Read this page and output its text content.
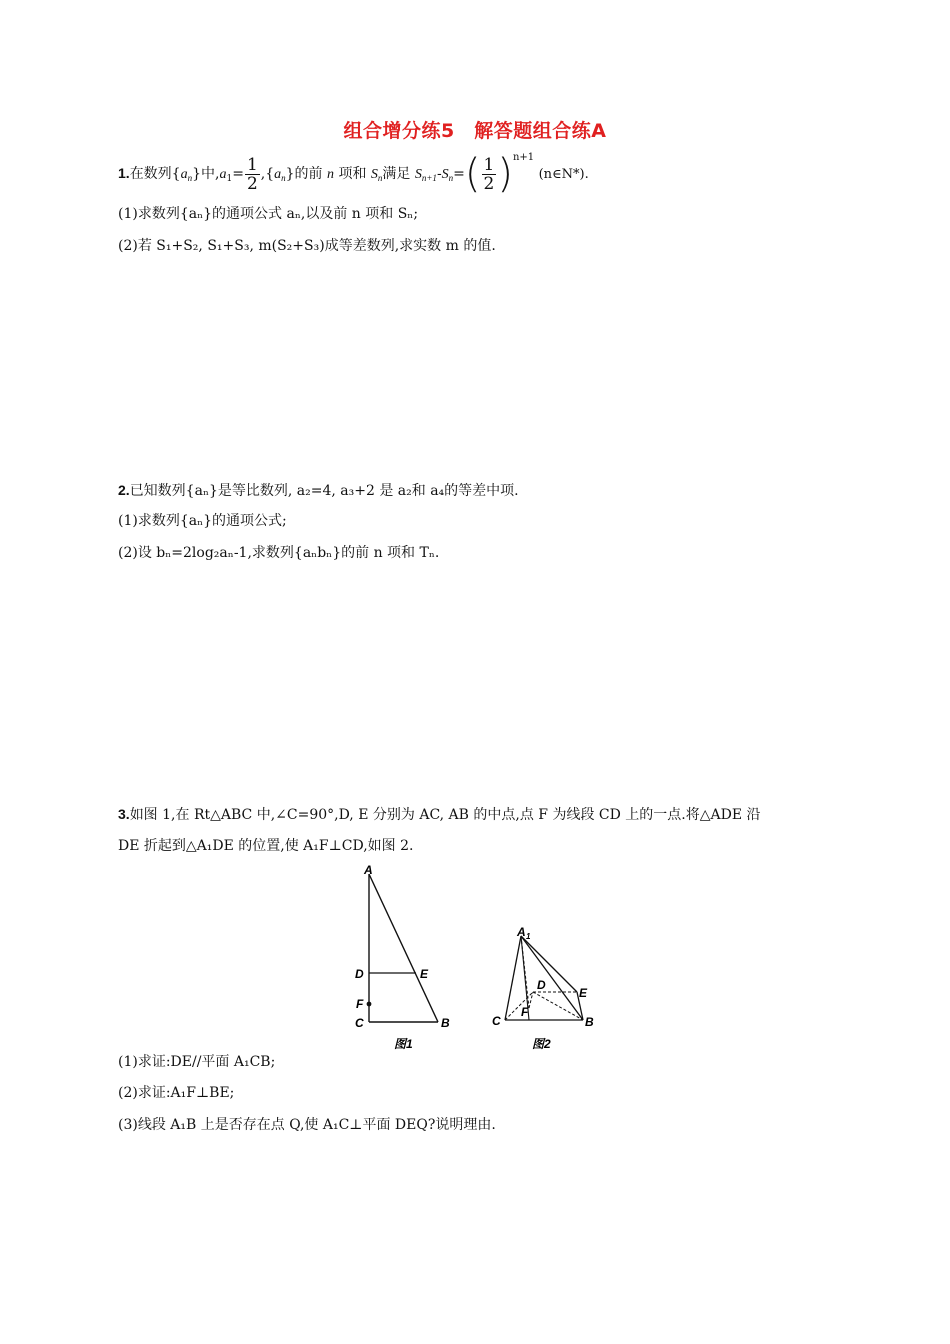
组合增分练5　解答题组合练A
1.在数列$\{a_n\}$中$,a_1= \frac{1}{2} ,\{a_n\}$的前 n 项和 $S_n$满足 $S_{n+1}-S_n=( \frac{1}{2} )^{n+1}$ (n∈N*).
(1)求数列{aₙ}的通项公式 aₙ,以及前 n 项和 Sₙ;
(2)若 S₁+S₂, S₁+S₃, m(S₂+S₃)成等差数列,求实数 m 的值.
2.已知数列{aₙ}是等比数列, a₂=4, a₃+2 是 a₂和 a₄的等差中项.
(1)求数列{aₙ}的通项公式;
(2)设 bₙ=2log₂aₙ-1,求数列{aₙbₙ}的前 n 项和 Tₙ.
3.如图 1,在 Rt△ABC 中,∠C=90°,D, E 分别为 AC, AB 的中点,点 F 为线段 CD 上的一点.将△ADE 沿
DE 折起到△A₁DE 的位置,使 A₁F⊥CD,如图 2.
A
D	E
F
C	B
图1
A 1
D
E
F
C	B
图2
(1)求证:DE//平面 A₁CB;
(2)求证:A₁F⊥BE;
(3)线段 A₁B 上是否存在点 Q,使 A₁C⊥平面 DEQ?说明理由.
